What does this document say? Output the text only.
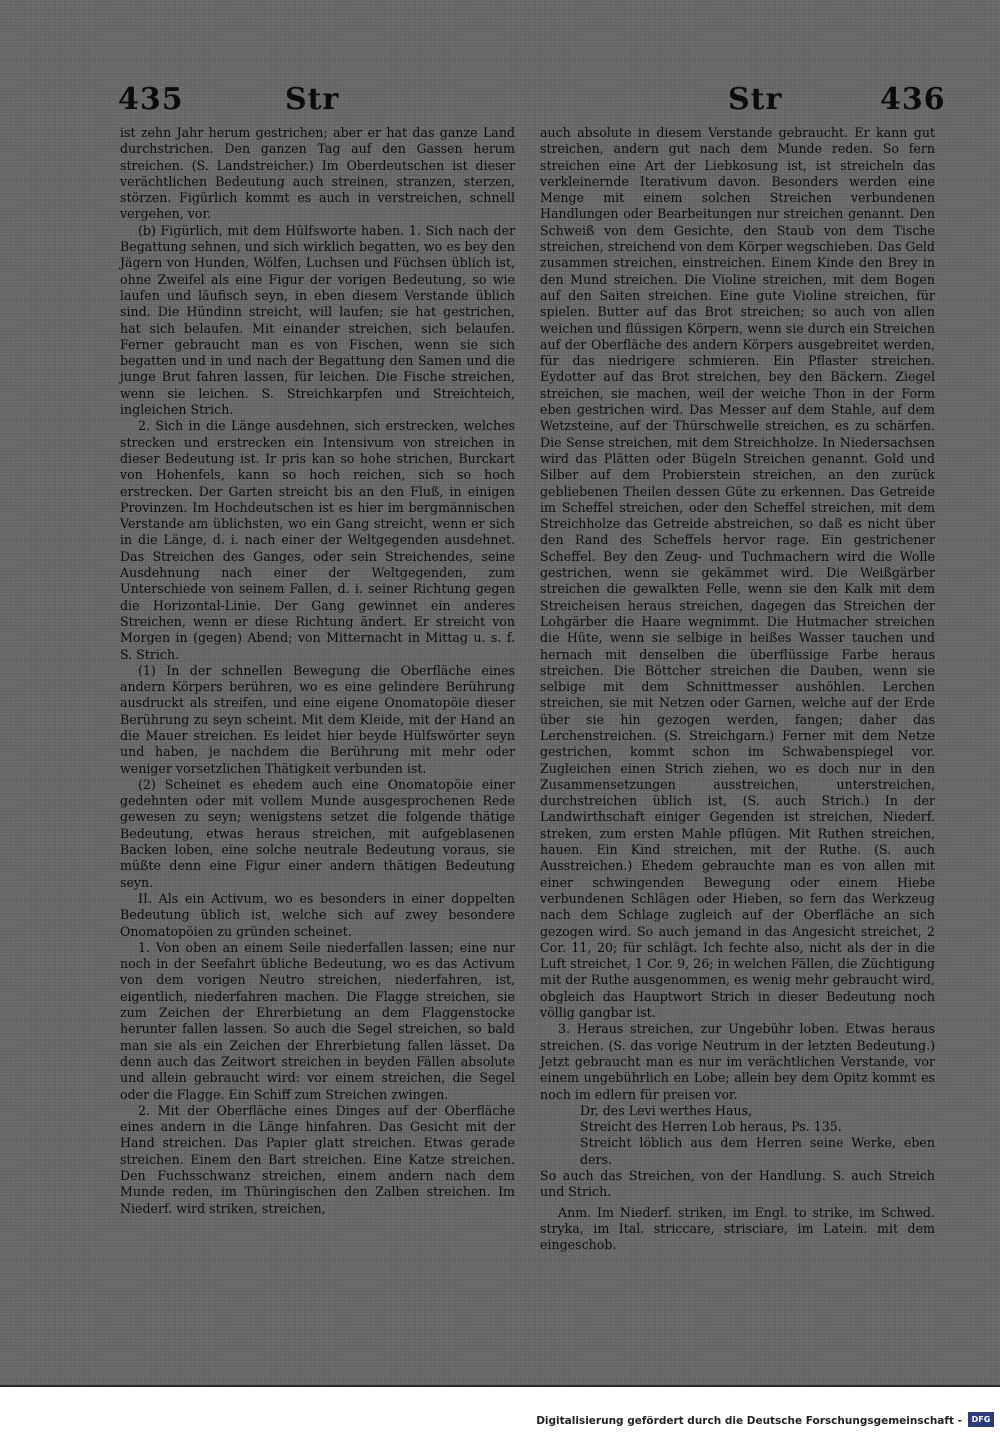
435	Str	Str	436

ist zehn Jahr herum gestrichen; aber er hat das ganze Land durchstrichen. Den ganzen Tag auf den Gassen herum streichen. (S. Landstreicher.) Im Oberdeutschen ist dieser verächtlichen Bedeutung auch streinen, stranzen, sterzen, störzen. Figürlich kommt es auch in verstreichen, schnell vergehen, vor.

(b) Figürlich, mit dem Hülfsworte haben. 1. Sich nach der Begattung sehnen, und sich wirklich begatten, wo es bey den Jägern von Hunden, Wölfen, Luchsen und Füchsen üblich ist, ohne Zweifel als eine Figur der vorigen Bedeutung, so wie laufen und läufisch seyn, in eben diesem Verstande üblich sind. Die Hündinn streicht, will laufen; sie hat gestrichen, hat sich belaufen. Mit einander streichen, sich belaufen. Ferner gebraucht man es von Fischen, wenn sie sich begatten und in und nach der Begattung den Samen und die junge Brut fahren lassen, für leichen. Die Fische streichen, wenn sie leichen. S. Streichkarpfen und Streichteich, ingleichen Strich.

2. Sich in die Länge ausdehnen, sich erstrecken, welches strecken und erstrecken ein Intensivum von streichen in dieser Bedeutung ist. Ir pris kan so hohe strichen, Burckart von Hohenfels, kann so hoch reichen, sich so hoch erstrecken. Der Garten streicht bis an den Fluß, in einigen Provinzen. Im Hochdeutschen ist es hier im bergmännischen Verstande am üblichsten, wo ein Gang streicht, wenn er sich in die Länge, d. i. nach einer der Weltgegenden ausdehnet. Das Streichen des Ganges, oder sein Streichendes, seine Ausdehnung nach einer der Weltgegenden, zum Unterschiede von seinem Fallen, d. i. seiner Richtung gegen die Horizontal-Linie. Der Gang gewinnet ein anderes Streichen, wenn er diese Richtung ändert. Er streicht von Morgen in (gegen) Abend; von Mitternacht in Mittag u. s. f. S. Strich.

(1) In der schnellen Bewegung die Oberfläche eines andern Körpers berühren, wo es eine gelindere Berührung ausdruckt als streifen, und eine eigene Onomatopöie dieser Berührung zu seyn scheint. Mit dem Kleide, mit der Hand an die Mauer streichen. Es leidet hier beyde Hülfswörter seyn und haben, je nachdem die Berührung mit mehr oder weniger vorsetzlichen Thätigkeit verbunden ist.

(2) Scheinet es ehedem auch eine Onomatopöie einer gedehnten oder mit vollem Munde ausgesprochenen Rede gewesen zu seyn; wenigstens setzet die folgende thätige Bedeutung, etwas heraus streichen, mit aufgeblasenen Backen loben, eine solche neutrale Bedeutung voraus, sie müßte denn eine Figur einer andern thätigen Bedeutung seyn.

II. Als ein Activum, wo es besonders in einer doppelten Bedeutung üblich ist, welche sich auf zwey besondere Onomatopöien zu gründen scheinet.

1. Von oben an einem Seile niederfallen lassen; eine nur noch in der Seefahrt übliche Bedeutung, wo es das Activum von dem vorigen Neutro streichen, niederfahren, ist, eigentlich, niederfahren machen. Die Flagge streichen, sie zum Zeichen der Ehrerbietung an dem Flaggenstocke herunter fallen lassen. So auch die Segel streichen, so bald man sie als ein Zeichen der Ehrerbietung fallen lässet. Da denn auch das Zeitwort streichen in beyden Fällen absolute und allein gebraucht wird: vor einem streichen, die Segel oder die Flagge. Ein Schiff zum Streichen zwingen.

2. Mit der Oberfläche eines Dinges auf der Oberfläche eines andern in die Länge hinfahren. Das Gesicht mit der Hand streichen. Das Papier glatt streichen. Etwas gerade streichen. Einem den Bart streichen. Eine Katze streichen. Den Fuchsschwanz streichen, einem andern nach dem Munde reden, im Thüringischen den Zalben streichen. Im Niederf. wird striken, streichen,

auch absolute in diesem Verstande gebraucht. Er kann gut streichen, andern gut nach dem Munde reden. So fern streichen eine Art der Liebkosung ist, ist streicheln das verkleinernde Iterativum davon. Besonders werden eine Menge mit einem solchen Streichen verbundenen Handlungen oder Bearbeitungen nur streichen genannt. Den Schweiß von dem Gesichte, den Staub von dem Tische streichen, streichend von dem Körper wegschieben. Das Geld zusammen streichen, einstreichen. Einem Kinde den Brey in den Mund streichen. Die Violine streichen, mit dem Bogen auf den Saiten streichen. Eine gute Violine streichen, für spielen. Butter auf das Brot streichen; so auch von allen weichen und flüssigen Körpern, wenn sie durch ein Streichen auf der Oberfläche des andern Körpers ausgebreitet werden, für das niedrigere schmieren. Ein Pflaster streichen. Eydotter auf das Brot streichen, bey den Bäckern. Ziegel streichen, sie machen, weil der weiche Thon in der Form eben gestrichen wird. Das Messer auf dem Stahle, auf dem Wetzsteine, auf der Thürschwelle streichen, es zu schärfen. Die Sense streichen, mit dem Streichholze. In Niedersachsen wird das Plätten oder Bügeln Streichen genannt. Gold und Silber auf dem Probierstein streichen, an den zurück gebliebenen Theilen dessen Güte zu erkennen. Das Getreide im Scheffel streichen, oder den Scheffel streichen, mit dem Streichholze das Getreide abstreichen, so daß es nicht über den Rand des Scheffels hervor rage. Ein gestrichener Scheffel. Bey den Zeug- und Tuchmachern wird die Wolle gestrichen, wenn sie gekämmet wird. Die Weißgärber streichen die gewalkten Felle, wenn sie den Kalk mit dem Streicheisen heraus streichen, dagegen das Streichen der Lohgärber die Haare wegnimmt. Die Hutmacher streichen die Hüte, wenn sie selbige in heißes Wasser tauchen und hernach mit denselben die überflüssige Farbe heraus streichen. Die Böttcher streichen die Dauben, wenn sie selbige mit dem Schnittmesser aushöhlen. Lerchen streichen, sie mit Netzen oder Garnen, welche auf der Erde über sie hin gezogen werden, fangen; daher das Lerchenstreichen. (S. Streichgarn.) Ferner mit dem Netze gestrichen, kommt schon im Schwabenspiegel vor. Zugleichen einen Strich ziehen, wo es doch nur in den Zusammensetzungen ausstreichen, unterstreichen, durchstreichen üblich ist, (S. auch Strich.) In der Landwirthschaft einiger Gegenden ist streichen, Niederf. streken, zum ersten Mahle pflügen. Mit Ruthen streichen, hauen. Ein Kind streichen, mit der Ruthe. (S. auch Ausstreichen.) Ehedem gebrauchte man es von allen mit einer schwingenden Bewegung oder einem Hiebe verbundenen Schlägen oder Hieben, so fern das Werkzeug nach dem Schlage zugleich auf der Oberfläche an sich gezogen wird. So auch jemand in das Angesicht streichet, 2 Cor. 11, 20; für schlägt. Ich fechte also, nicht als der in die Luft streichet, 1 Cor. 9, 26; in welchen Fällen, die Züchtigung mit der Ruthe ausgenommen, es wenig mehr gebraucht wird, obgleich das Hauptwort Strich in dieser Bedeutung noch völlig gangbar ist.

3. Heraus streichen, zur Ungebühr loben. Etwas heraus streichen. (S. das vorige Neutrum in der letzten Bedeutung.) Jetzt gebraucht man es nur im verächtlichen Verstande, vor einem ungebührlich en Lobe; allein bey dem Opitz kommt es noch im edlern für preisen vor.

Dr, des Levi werthes Haus,

Streicht des Herren Lob heraus, Ps. 135.

Streicht löblich aus dem Herren seine Werke, eben ders.

So auch das Streichen, von der Handlung. S. auch Streich und Strich.

Anm. Im Niederf. striken, im Engl. to strike, im Schwed. stryka, im Ital. striccare, strisciare, im Latein. mit dem eingeschob.

Digitalisierung gefördert durch die Deutsche Forschungsgemeinschaft -	DFG
